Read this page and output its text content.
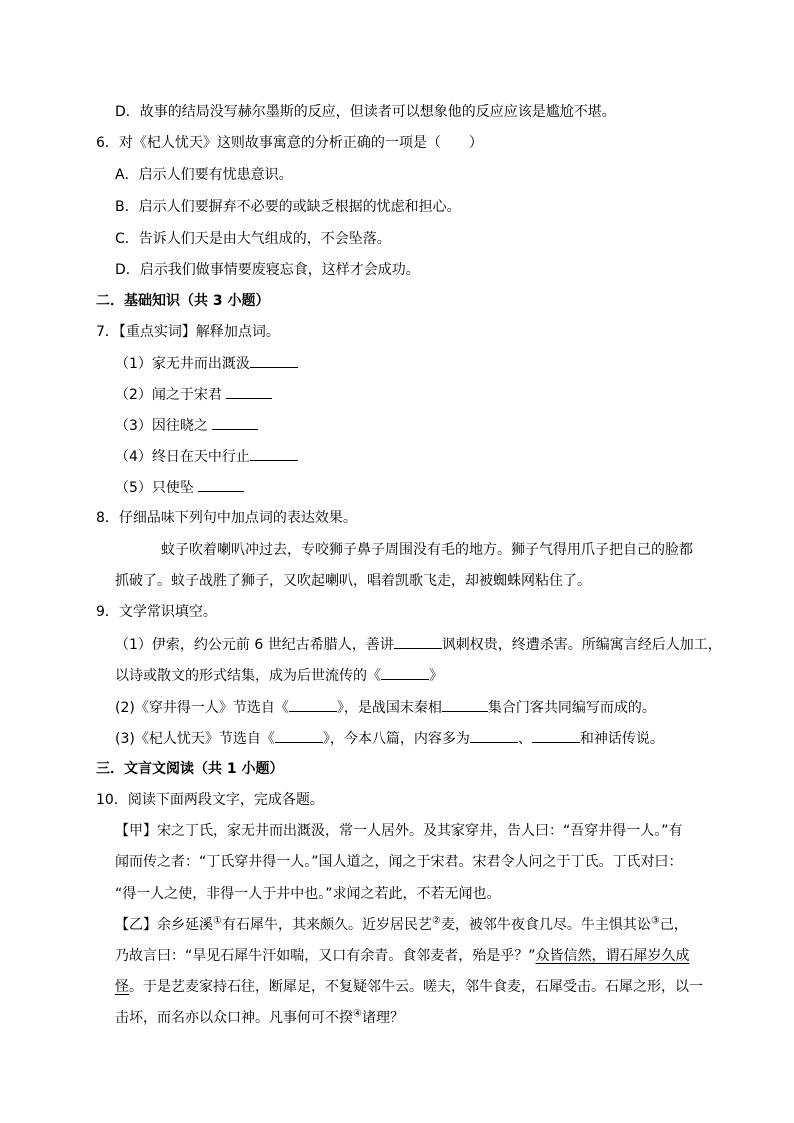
D．故事的结局没写赫尔墨斯的反应，但读者可以想象他的反应应该是尴尬不堪。
6．对《杞人忧天》这则故事寓意的分析正确的一项是（　　）
A．启示人们要有忧患意识。
B．启示人们要摒弃不必要的或缺乏根据的忧虑和担心。
C．告诉人们天是由大气组成的，不会坠落。
D．启示我们做事情要废寝忘食，这样才会成功。
二．基础知识（共 3 小题）
7．【重点实词】解释加点词。
（1）家无井而出溉汲
（2）闻之于宋君
（3）因往晓之
（4）终日在天中行止
（5）只使坠
8．仔细品味下列句中加点词的表达效果。
蚊子吹着喇叭冲过去，专咬狮子鼻子周围没有毛的地方。狮子气得用爪子把自己的脸都
抓破了。蚊子战胜了狮子，又吹起喇叭，唱着凯歌飞走，却被蜘蛛网粘住了。
9．文学常识填空。
（1）伊索，约公元前 6 世纪古希腊人，善讲	讽刺权贵，终遭杀害。所编寓言经后人加工，
以诗或散文的形式结集，成为后世流传的《	》
(2)《穿井得一人》节选自《	》，是战国末秦相	集合门客共同编写而成的。
(3)《杞人忧天》节选自《	》，今本八篇，内容多为	、	和神话传说。
三．文言文阅读（共 1 小题）
10．阅读下面两段文字，完成各题。
【甲】宋之丁氏，家无井而出溉汲，常一人居外。及其家穿井，告人曰：“吾穿井得一人。”有
闻而传之者：“丁氏穿井得一人。”国人道之，闻之于宋君。宋君令人问之于丁氏。丁氏对曰：
“得一人之使，非得一人于井中也。”求闻之若此，不若无闻也。
【乙】余乡延溪①有石犀牛，其来颇久。近岁居民艺②麦，被邻牛夜食几尽。牛主惧其讼③己，
乃故言曰：“旱见石犀牛汗如喘，又口有余青。食邻麦者，殆是乎？”众皆信然，谓石犀岁久成
怪。于是艺麦家持石往，断犀足，不复疑邻牛云。嗟夫，邻牛食麦，石犀受击。石犀之形，以一
击坏，而名亦以众口神。凡事何可不揆④诸理？
